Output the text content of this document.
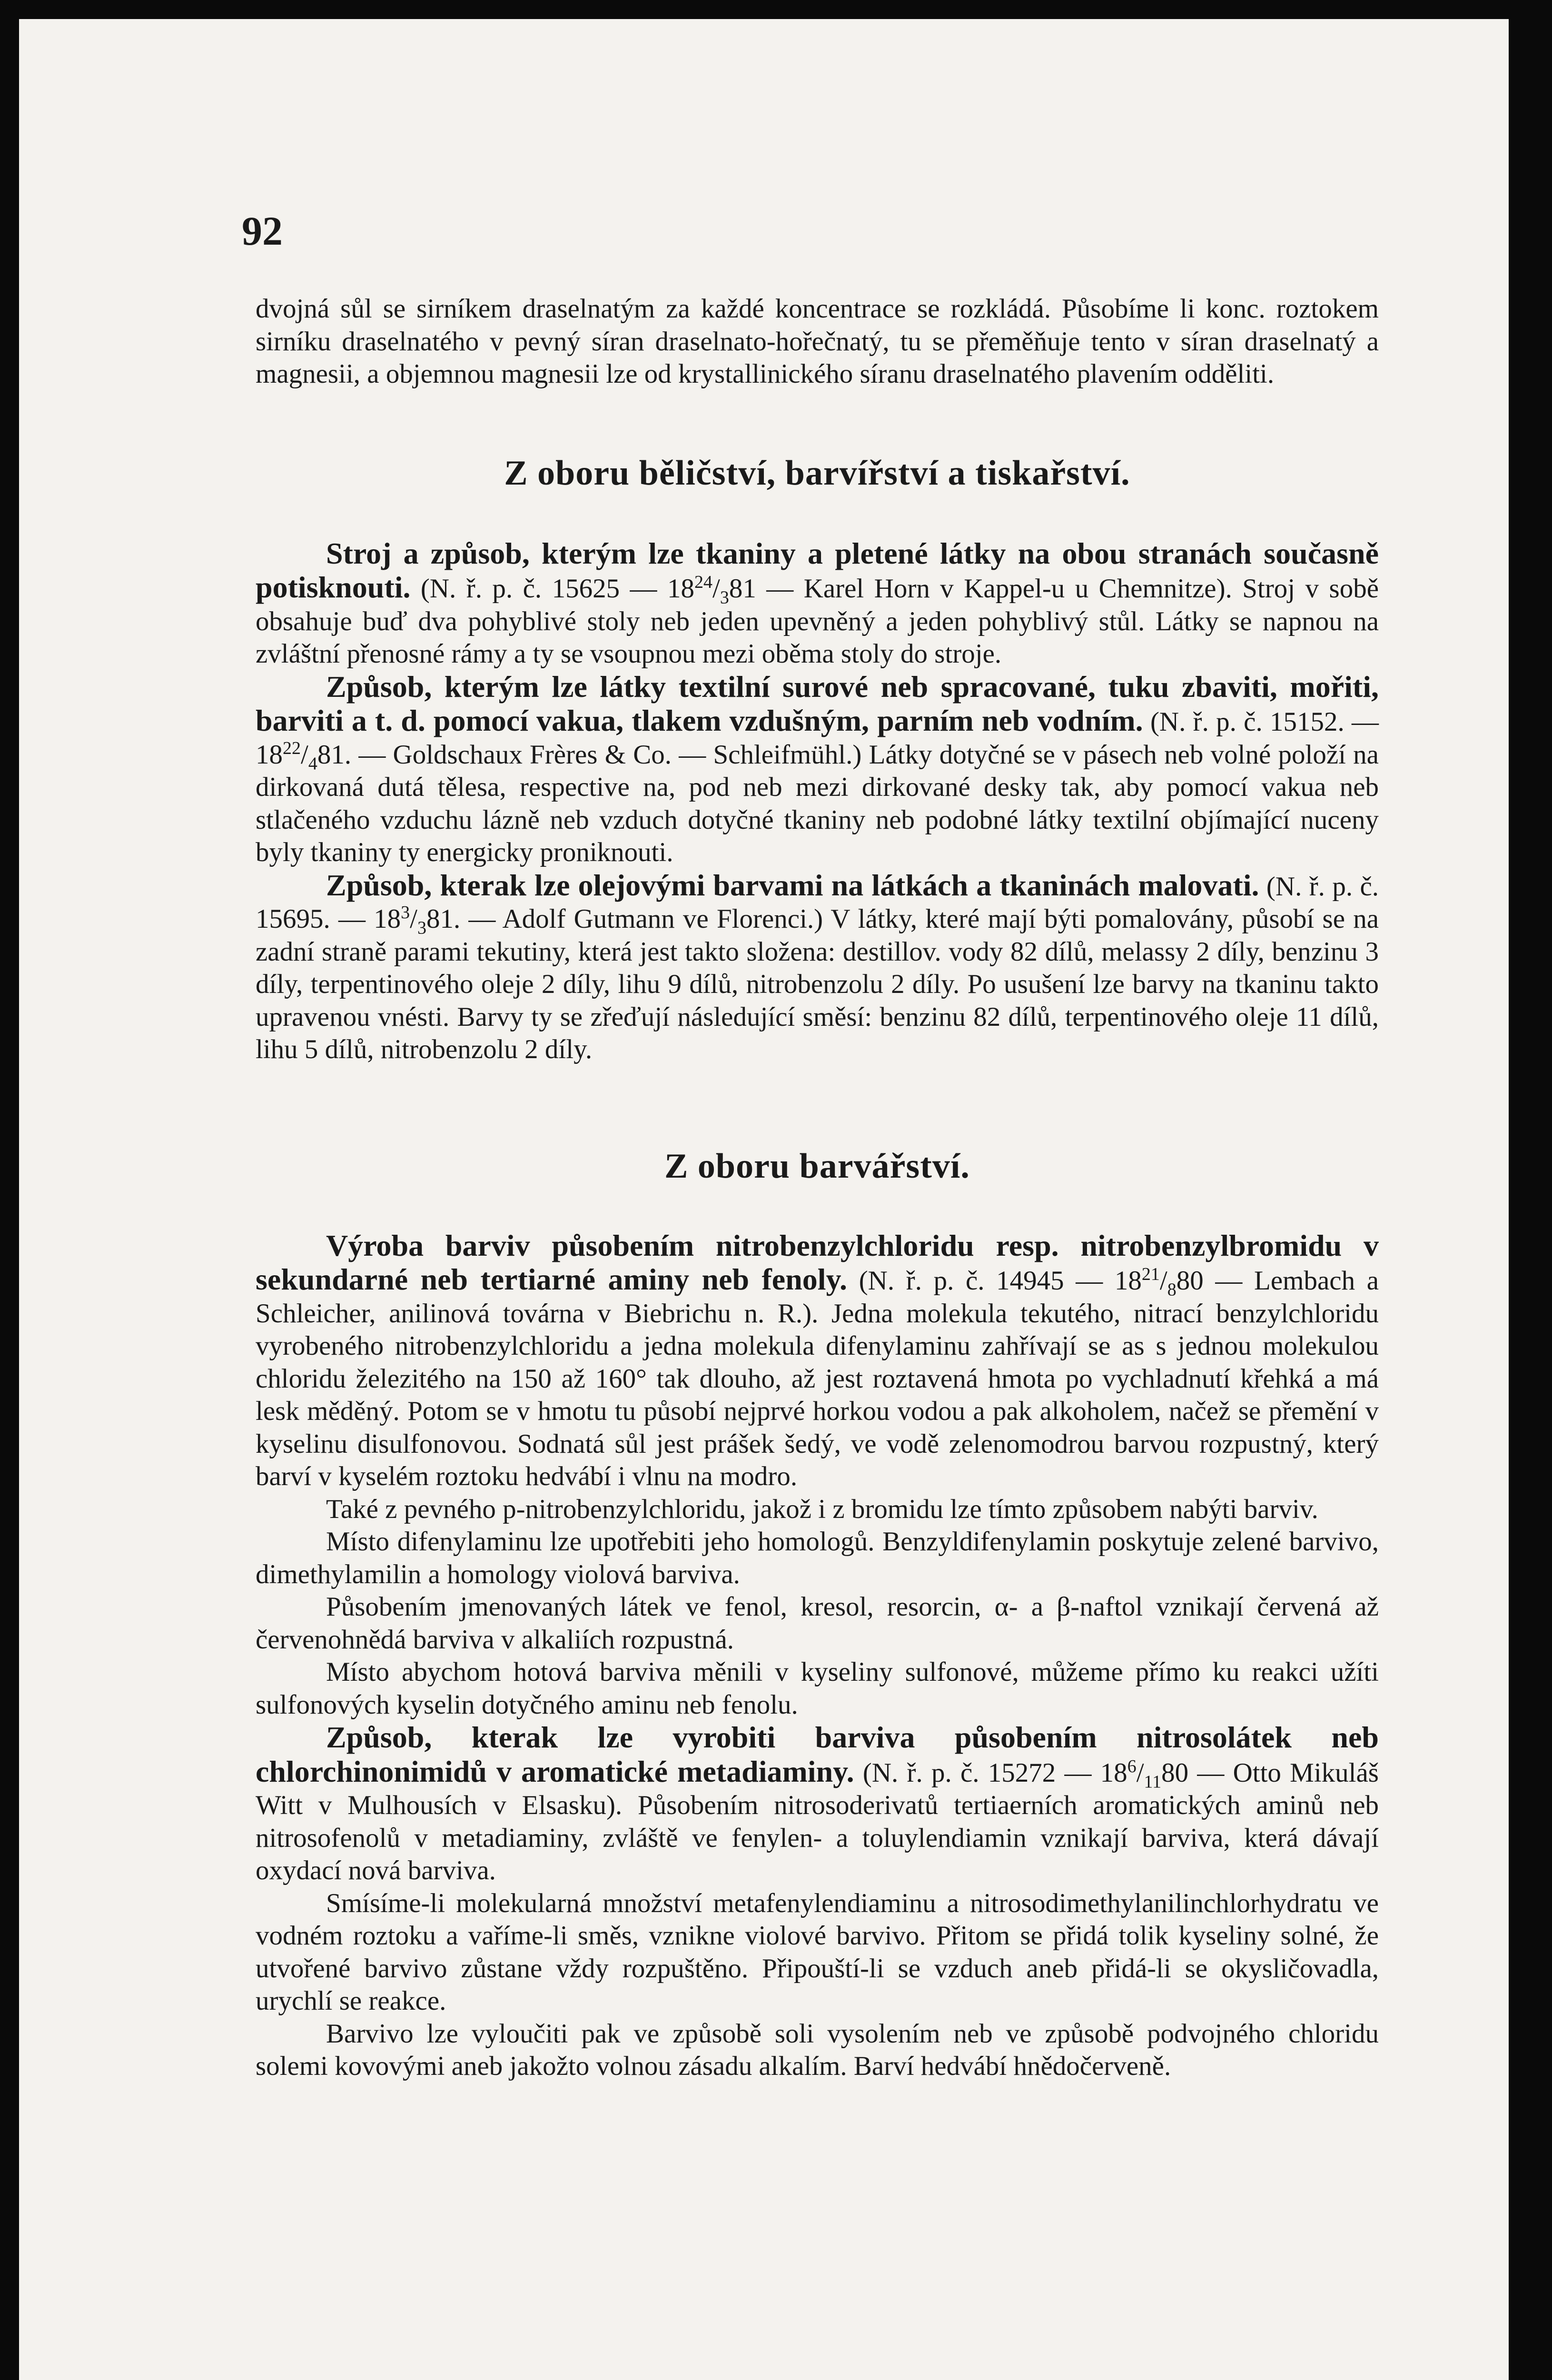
92

dvojná sůl se sirníkem draselnatým za každé koncentrace se rozkládá. Působíme li konc. roztokem sirníku draselnatého v pevný síran draselnato-hořečnatý, tu se přeměňuje tento v síran draselnatý a magnesii, a objemnou magnesii lze od krystallinického síranu draselnatého plavením odděliti.

Z oboru běličství, barvířství a tiskařství.

Stroj a způsob, kterým lze tkaniny a pletené látky na obou stranách současně potisknouti. (N. ř. p. č. 15625 — $18^{24}/_381$ — Karel Horn v Kappel-u u Chemnitze). Stroj v sobě obsahuje buď dva pohyblivé stoly neb jeden upevněný a jeden pohyblivý stůl. Látky se napnou na zvláštní přenosné rámy a ty se vsoupnou mezi oběma stoly do stroje.

Způsob, kterým lze látky textilní surové neb spracované, tuku zbaviti, mořiti, barviti a t. d. pomocí vakua, tlakem vzdušným, parním neb vodním. (N. ř. p. č. 15152. — $18^{22}/_481$. — Goldschaux Frères & Co. — Schleifmühl.) Látky dotyčné se v pásech neb volné položí na dirkovaná dutá tělesa, respective na, pod neb mezi dirkované desky tak, aby pomocí vakua neb stlačeného vzduchu lázně neb vzduch dotyčné tkaniny neb podobné látky textilní objímající nuceny byly tkaniny ty energicky proniknouti.

Způsob, kterak lze olejovými barvami na látkách a tkaninách malovati. (N. ř. p. č. 15695. — $18^3/_381$. — Adolf Gutmann ve Florenci.) V látky, které mají býti pomalovány, působí se na zadní straně parami tekutiny, která jest takto složena: destillov. vody 82 dílů, melassy 2 díly, benzinu 3 díly, terpentinového oleje 2 díly, lihu 9 dílů, nitrobenzolu 2 díly. Po usušení lze barvy na tkaninu takto upravenou vnésti. Barvy ty se zřeďují následující směsí: benzinu 82 dílů, terpentinového oleje 11 dílů, lihu 5 dílů, nitrobenzolu 2 díly.

Z oboru barvářství.

Výroba barviv působením nitrobenzylchloridu resp. nitrobenzylbromidu v sekundarné neb tertiarné aminy neb fenoly. (N. ř. p. č. 14945 — $18^{21}/_880$ — Lembach a Schleicher, anilinová továrna v Biebrichu n. R.). Jedna molekula tekutého, nitrací benzylchloridu vyrobeného nitrobenzylchloridu a jedna molekula difenylaminu zahřívají se as s jednou molekulou chloridu železitého na 150 až 160° tak dlouho, až jest roztavená hmota po vychladnutí křehká a má lesk měděný. Potom se v hmotu tu působí nejprvé horkou vodou a pak alkoholem, načež se přemění v kyselinu disulfonovou. Sodnatá sůl jest prášek šedý, ve vodě zelenomodrou barvou rozpustný, který barví v kyselém roztoku hedvábí i vlnu na modro.

Také z pevného p-nitrobenzylchloridu, jakož i z bromidu lze tímto způsobem nabýti barviv.

Místo difenylaminu lze upotřebiti jeho homologů. Benzyldifenylamin poskytuje zelené barvivo, dimethylamilin a homology violová barviva.

Působením jmenovaných látek ve fenol, kresol, resorcin, α- a β-naftol vznikají červená až červenohnědá barviva v alkaliích rozpustná.

Místo abychom hotová barviva měnili v kyseliny sulfonové, můžeme přímo ku reakci užíti sulfonových kyselin dotyčného aminu neb fenolu.

Způsob, kterak lze vyrobiti barviva působením nitrosolátek neb chlorchinonimidů v aromatické metadiaminy. (N. ř. p. č. 15272 — $18^6/_{11}80$ — Otto Mikuláš Witt v Mulhousích v Elsasku). Působením nitrosoderivatů tertiaerních aromatických aminů neb nitrosofenolů v metadiaminy, zvláště ve fenylen- a toluylendiamin vznikají barviva, která dávají oxydací nová barviva.

Smísíme-li molekularná množství metafenylendiaminu a nitrosodimethylanilinchlorhydratu ve vodném roztoku a vaříme-li směs, vznikne violové barvivo. Přitom se přidá tolik kyseliny solné, že utvořené barvivo zůstane vždy rozpuštěno. Připouští-li se vzduch aneb přidá-li se okysličovadla, urychlí se reakce.

Barvivo lze vyloučiti pak ve způsobě soli vysolením neb ve způsobě podvojného chloridu solemi kovovými aneb jakožto volnou zásadu alkalím. Barví hedvábí hnědočerveně.
